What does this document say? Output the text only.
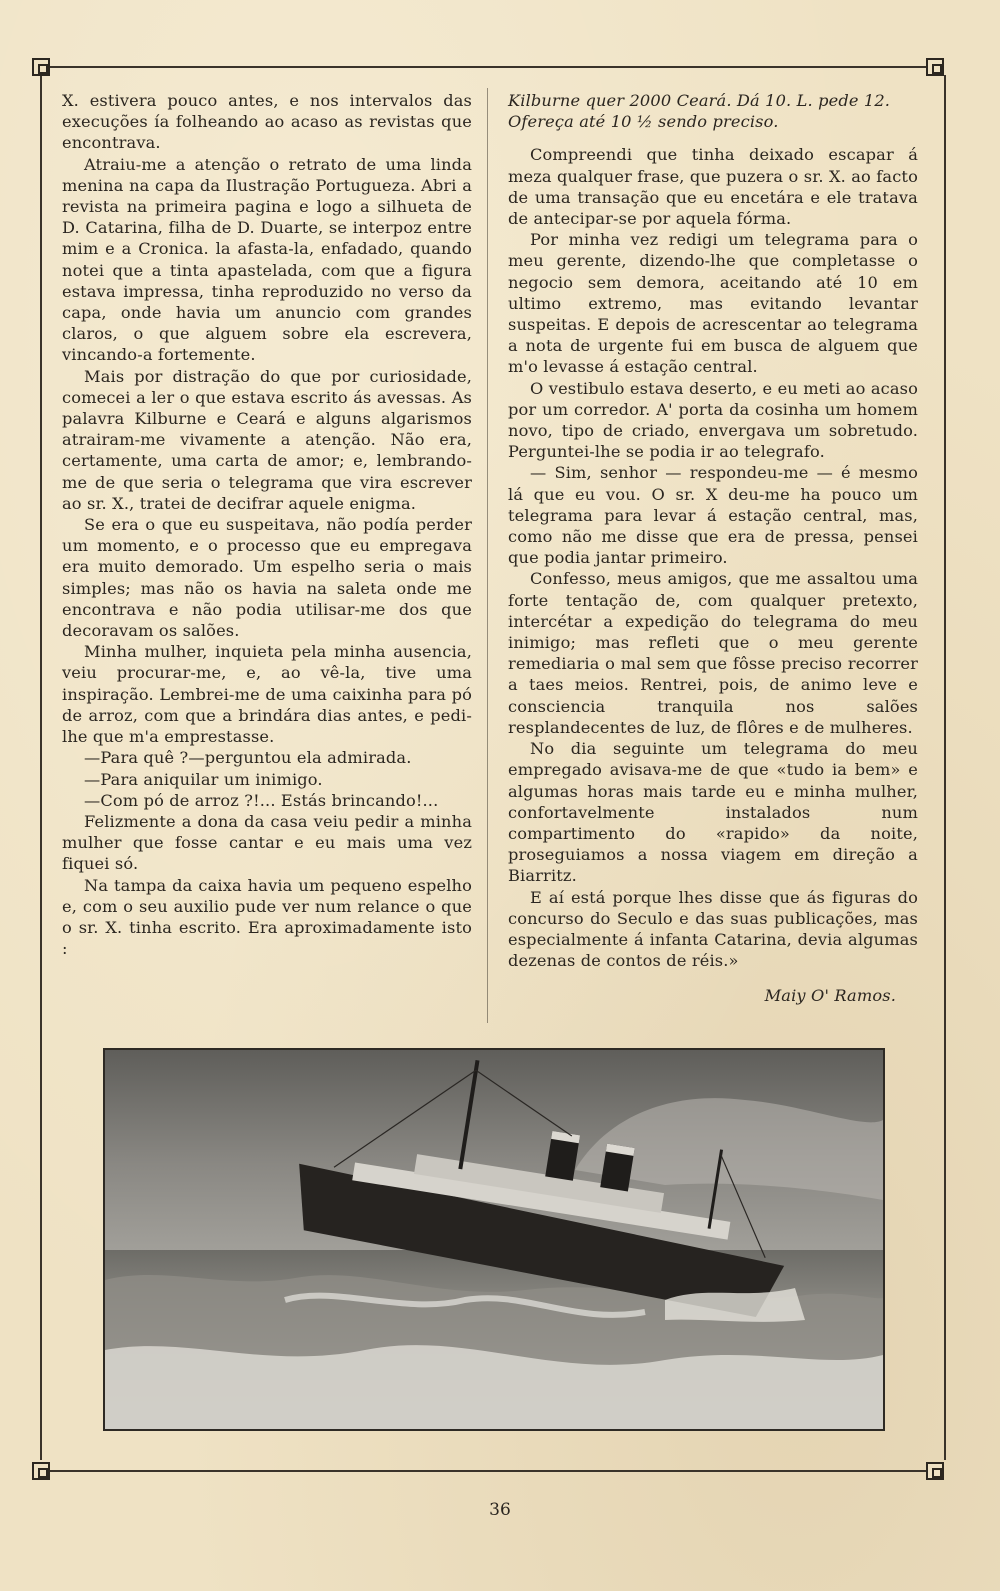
X. estivera pouco antes, e nos intervalos das execuções ía folheando ao acaso as revistas que encontrava.

Atraiu-me a atenção o retrato de uma linda menina na capa da Ilustração Portugueza. Abri a revista na primeira pagina e logo a silhueta de D. Catarina, filha de D. Duarte, se interpoz entre mim e a Cronica. la afasta-la, enfadado, quando notei que a tinta apastelada, com que a figura estava impressa, tinha reproduzido no verso da capa, onde havia um anuncio com grandes claros, o que alguem sobre ela escrevera, vincando-a fortemente.

Mais por distração do que por curiosidade, comecei a ler o que estava escrito ás avessas. As palavra Kilburne e Ceará e alguns algarismos atrairam-me vivamente a atenção. Não era, certamente, uma carta de amor; e, lembrando-me de que seria o telegrama que vira escrever ao sr. X., tratei de decifrar aquele enigma.

Se era o que eu suspeitava, não podía perder um momento, e o processo que eu empregava era muito demorado. Um espelho seria o mais simples; mas não os havia na saleta onde me encontrava e não podia utilisar-me dos que decoravam os salões.

Minha mulher, inquieta pela minha ausencia, veiu procurar-me, e, ao vê-la, tive uma inspiração. Lembrei-me de uma caixinha para pó de arroz, com que a brindára dias antes, e pedi-lhe que m'a emprestasse.

—Para quê ?—perguntou ela admirada.

—Para aniquilar um inimigo.

—Com pó de arroz ?!... Estás brincando!...

Felizmente a dona da casa veiu pedir a minha mulher que fosse cantar e eu mais uma vez fiquei só.

Na tampa da caixa havia um pequeno espelho e, com o seu auxilio pude ver num relance o que o sr. X. tinha escrito. Era aproximadamente isto :

Kilburne quer 2000 Ceará. Dá 10. L. pede 12.

Ofereça até 10 ½ sendo preciso.

Compreendi que tinha deixado escapar á meza qualquer frase, que puzera o sr. X. ao facto de uma transação que eu encetára e ele tratava de antecipar-se por aquela fórma.

Por minha vez redigi um telegrama para o meu gerente, dizendo-lhe que completasse o negocio sem demora, aceitando até 10 em ultimo extremo, mas evitando levantar suspeitas. E depois de acrescentar ao telegrama a nota de urgente fui em busca de alguem que m'o levasse á estação central.

O vestibulo estava deserto, e eu meti ao acaso por um corredor. A' porta da cosinha um homem novo, tipo de criado, envergava um sobretudo. Perguntei-lhe se podia ir ao telegrafo.

— Sim, senhor — respondeu-me — é mesmo lá que eu vou. O sr. X deu-me ha pouco um telegrama para levar á estação central, mas, como não me disse que era de pressa, pensei que podia jantar primeiro.

Confesso, meus amigos, que me assaltou uma forte tentação de, com qualquer pretexto, intercétar a expedição do telegrama do meu inimigo; mas refleti que o meu gerente remediaria o mal sem que fôsse preciso recorrer a taes meios. Rentrei, pois, de animo leve e consciencia tranquila nos salões resplandecentes de luz, de flôres e de mulheres.

No dia seguinte um telegrama do meu empregado avisava-me de que «tudo ia bem» e algumas horas mais tarde eu e minha mulher, confortavelmente instalados num compartimento do «rapido» da noite, proseguiamos a nossa viagem em direção a Biarritz.

E aí está porque lhes disse que ás figuras do concurso do Seculo e das suas publicações, mas especialmente á infanta Catarina, devia algumas dezenas de contos de réis.»

Maiy O' Ramos.

36
